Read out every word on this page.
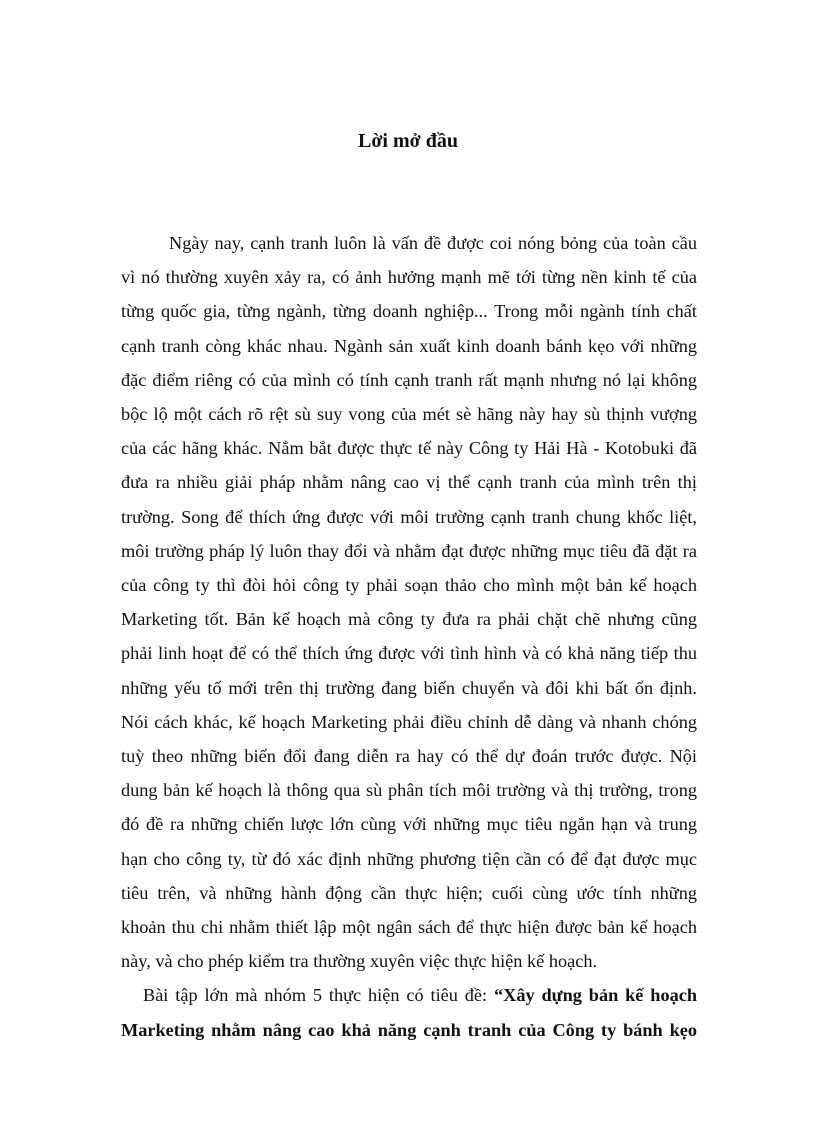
Lời mở đầu

Ngày nay, cạnh tranh luôn là vấn đề được coi nóng bỏng của toàn cầu
vì nó thường xuyên xảy ra, có ảnh hưởng mạnh mẽ tới từng nền kinh tế của
từng quốc gia, từng ngành, từng doanh nghiệp... Trong mỗi ngành tính chất
cạnh tranh còng khác nhau. Ngành sản xuất kinh doanh bánh kẹo với những
đặc điểm riêng có của mình có tính cạnh tranh rất mạnh nhưng nó lại không
bộc lộ một cách rõ rệt sù suy vong của mét sè hãng này hay sù thịnh vượng
của các hãng khác. Nắm bắt được thực tế này Công ty Hải Hà - Kotobuki đã
đưa ra nhiều giải pháp nhằm nâng cao vị thế cạnh tranh của mình trên thị
trường. Song để thích ứng được với môi trường cạnh tranh chung khốc liệt,
môi trường pháp lý luôn thay đổi và nhằm đạt được những mục tiêu đã đặt ra
của công ty thì đòi hỏi công ty phải soạn thảo cho mình một bản kế hoạch
Marketing tốt. Bản kế hoạch mà công ty đưa ra phải chặt chẽ nhưng cũng
phải linh hoạt để có thể thích ứng được với tình hình và có khả năng tiếp thu
những yếu tố mới trên thị trường đang biến chuyển và đôi khi bất ổn định.
Nói cách khác, kế hoạch Marketing phải điều chỉnh dễ dàng và nhanh chóng
tuỳ theo những biến đổi đang diễn ra hay có thể dự đoán trước được. Nội
dung bản kế hoạch là thông qua sù phân tích môi trường và thị trường, trong
đó đề ra những chiến lược lớn cùng với những mục tiêu ngắn hạn và trung
hạn cho công ty, từ đó xác định những phương tiện cần có để đạt được mục
tiêu trên, và những hành động cần thực hiện; cuối cùng ước tính những
khoản thu chi nhằm thiết lập một ngân sách để thực hiện được bản kế hoạch
này, và cho phép kiểm tra thường xuyên việc thực hiện kế hoạch.

Bài tập lớn mà nhóm 5 thực hiện có tiêu đề: “Xây dựng bản kế hoạch
Marketing nhằm nâng cao khả năng cạnh tranh của Công ty bánh kẹo
